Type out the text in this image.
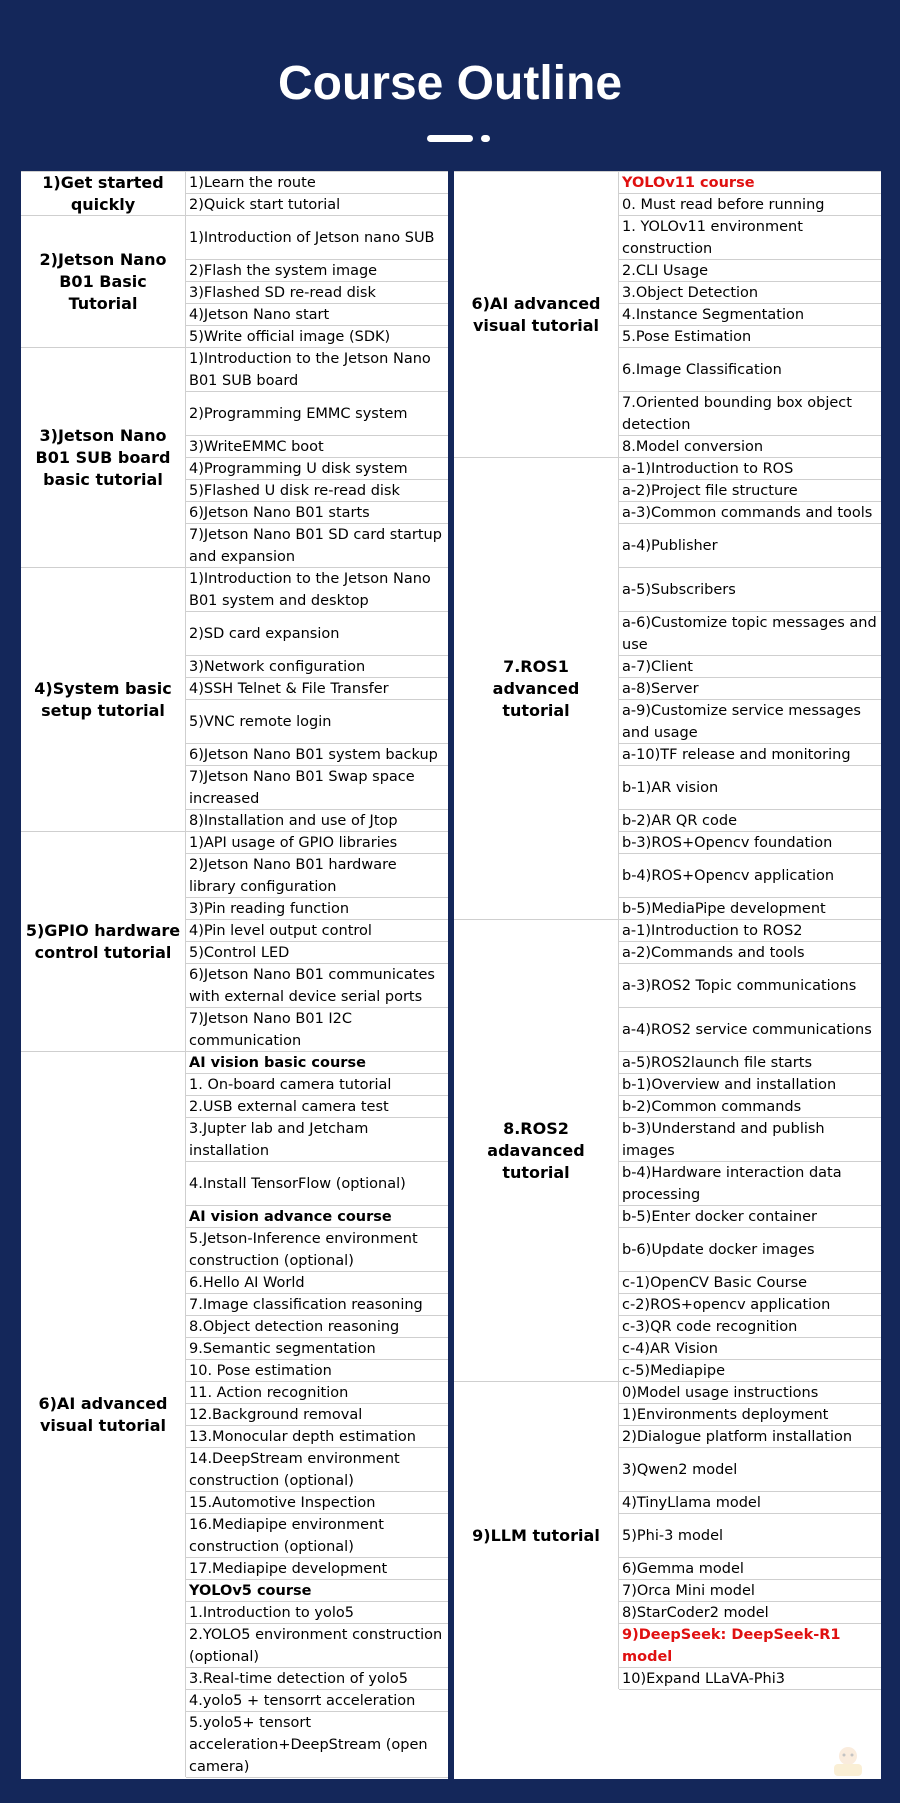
Course Outline
1)Get started quickly
1)Learn the route
2)Quick start tutorial
2)Jetson Nano B01 Basic Tutorial
1)Introduction of Jetson nano SUB
2)Flash the system image
3)Flashed SD re-read disk
4)Jetson Nano start
5)Write official image (SDK)
3)Jetson Nano B01 SUB board basic tutorial
1)Introduction to the Jetson Nano B01 SUB board
2)Programming EMMC system
3)WriteEMMC boot
4)Programming U disk system
5)Flashed U disk re-read disk
6)Jetson Nano B01 starts
7)Jetson Nano B01 SD card startup and expansion
4)System basic setup tutorial
1)Introduction to the Jetson Nano B01 system and desktop
2)SD card expansion
3)Network configuration
4)SSH Telnet & File Transfer
5)VNC remote login
6)Jetson Nano B01 system backup
7)Jetson Nano B01 Swap space increased
8)Installation and use of Jtop
5)GPIO hardware control tutorial
1)API usage of GPIO libraries
2)Jetson Nano B01 hardware library configuration
3)Pin reading function
4)Pin level output control
5)Control LED
6)Jetson Nano B01 communicates with external device serial ports
7)Jetson Nano B01 I2C communication
6)AI advanced visual tutorial
AI vision basic course
1. On-board camera tutorial
2.USB external camera test
3.Jupter lab and Jetcham installation
4.Install TensorFlow (optional)
AI vision advance course
5.Jetson-Inference environment construction (optional)
6.Hello AI World
7.Image classification reasoning
8.Object detection reasoning
9.Semantic segmentation
10. Pose estimation
11. Action recognition
12.Background removal
13.Monocular depth estimation
14.DeepStream environment construction (optional)
15.Automotive Inspection
16.Mediapipe environment construction (optional)
17.Mediapipe development
YOLOv5 course
1.Introduction to yolo5
2.YOLO5 environment construction (optional)
3.Real-time detection of yolo5
4.yolo5 + tensorrt acceleration
5.yolo5+ tensort acceleration+DeepStream (open camera)
6)AI advanced visual tutorial
YOLOv11 course
0. Must read before running
1. YOLOv11 environment construction
2.CLI Usage
3.Object Detection
4.Instance Segmentation
5.Pose Estimation
6.Image Classification
7.Oriented bounding box object detection
8.Model conversion
7.ROS1 advanced tutorial
a-1)Introduction to ROS
a-2)Project file structure
a-3)Common commands and tools
a-4)Publisher
a-5)Subscribers
a-6)Customize topic messages and use
a-7)Client
a-8)Server
a-9)Customize service messages and usage
a-10)TF release and monitoring
b-1)AR vision
b-2)AR QR code
b-3)ROS+Opencv foundation
b-4)ROS+Opencv application
b-5)MediaPipe development
8.ROS2 adavanced tutorial
a-1)Introduction to ROS2
a-2)Commands and tools
a-3)ROS2 Topic communications
a-4)ROS2 service communications
a-5)ROS2launch file starts
b-1)Overview and installation
b-2)Common commands
b-3)Understand and publish images
b-4)Hardware interaction data processing
b-5)Enter docker container
b-6)Update docker images
c-1)OpenCV Basic Course
c-2)ROS+opencv application
c-3)QR code recognition
c-4)AR Vision
c-5)Mediapipe
9)LLM tutorial
0)Model usage instructions
1)Environments deployment
2)Dialogue platform installation
3)Qwen2 model
4)TinyLlama model
5)Phi-3 model
6)Gemma model
7)Orca Mini model
8)StarCoder2 model
9)DeepSeek: DeepSeek-R1 model
10)Expand LLaVA-Phi3
